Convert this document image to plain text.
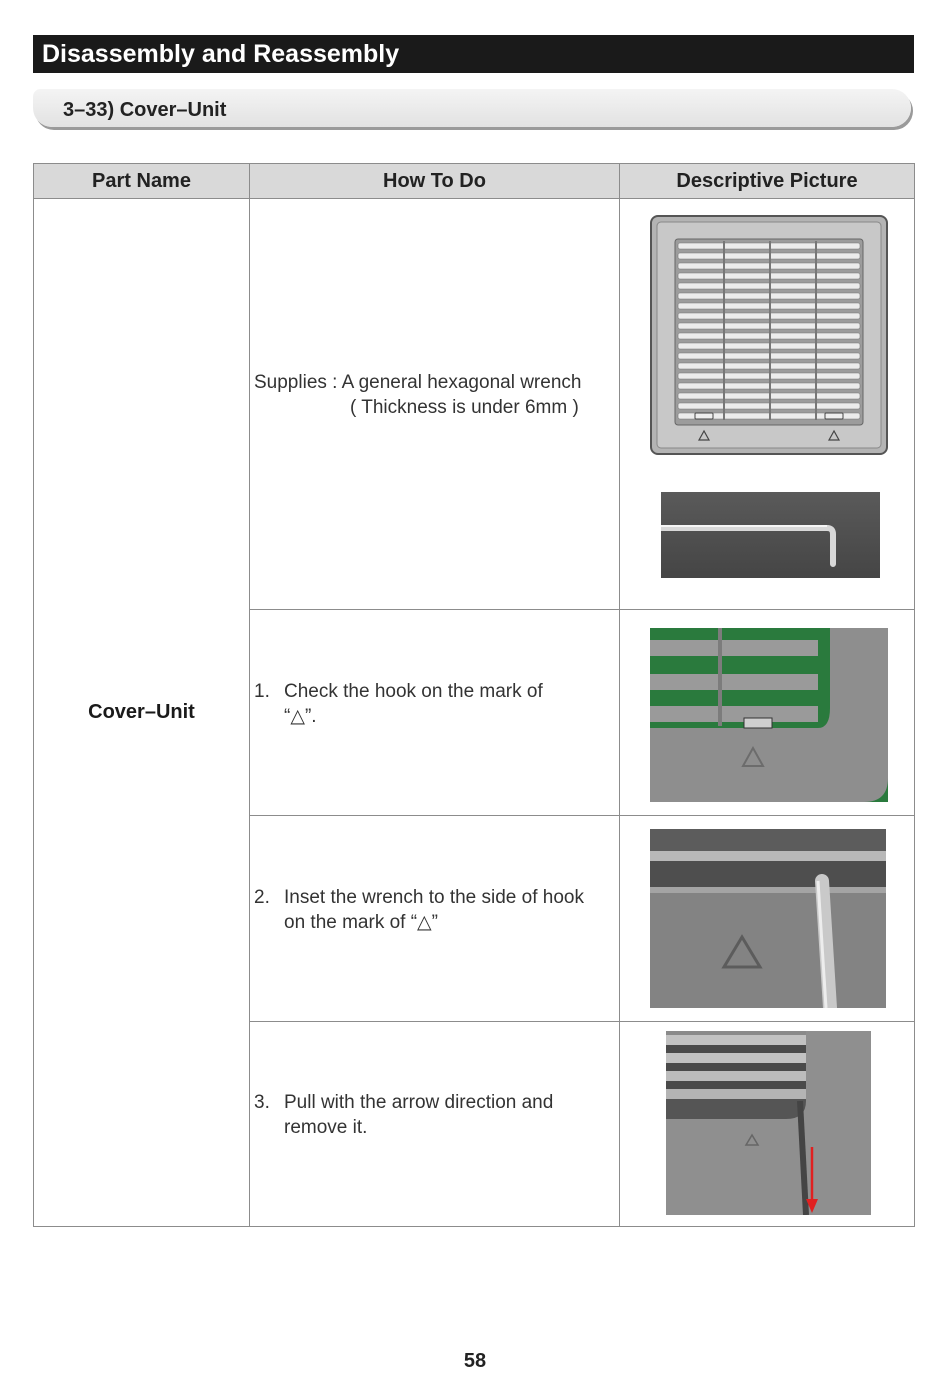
Disassembly and Reassembly
3–33) Cover–Unit
Part Name	How To Do	Descriptive Picture
Cover–Unit	Supplies : A general hexagonal wrench
( Thickness is under 6mm )

	1. Check the hook on the mark of
“△”.

	2. Inset the wrench to the side of hook
on the mark of “△”

	3. Pull with the arrow direction and
remove it.

58
